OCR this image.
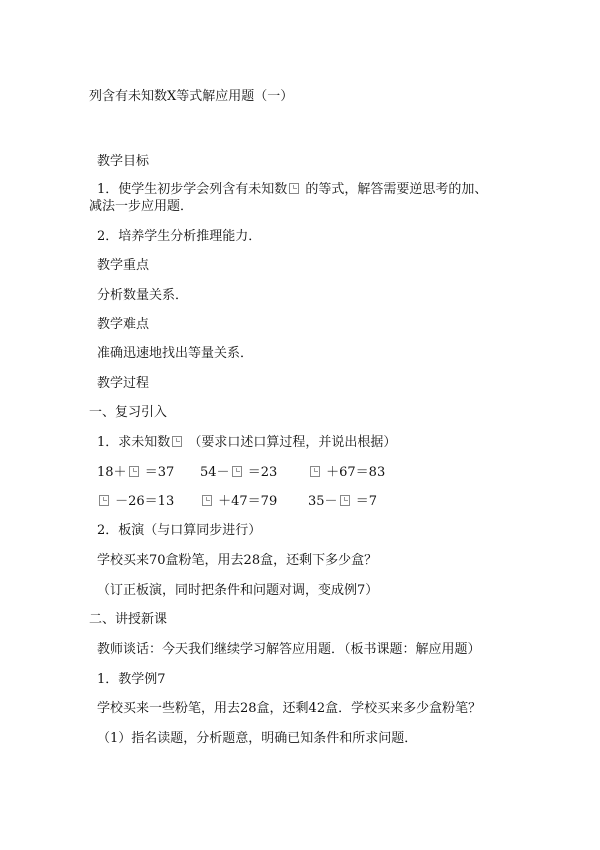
列含有未知数X等式解应用题（一）
教学目标
1．使学生初步学会列含有未知数 的等式，解答需要逆思考的加、
减法一步应用题．
2．培养学生分析推理能力．
教学重点
分析数量关系．
教学难点
准确迅速地找出等量关系．
教学过程
一、复习引入
1．求未知数 （要求口述口算过程，并说出根据）
18＋ ＝37 54－ ＝23	＋67＝83
－26＝13	＋47＝79 35－ ＝7
2．板演（与口算同步进行）
学校买来70盒粉笔，用去28盒，还剩下多少盒？
（订正板演，同时把条件和问题对调，变成例7）
二、讲授新课
教师谈话：今天我们继续学习解答应用题．（板书课题：解应用题）
1．教学例7
学校买来一些粉笔，用去28盒，还剩42盒．学校买来多少盒粉笔？
（1）指名读题，分析题意，明确已知条件和所求问题．
